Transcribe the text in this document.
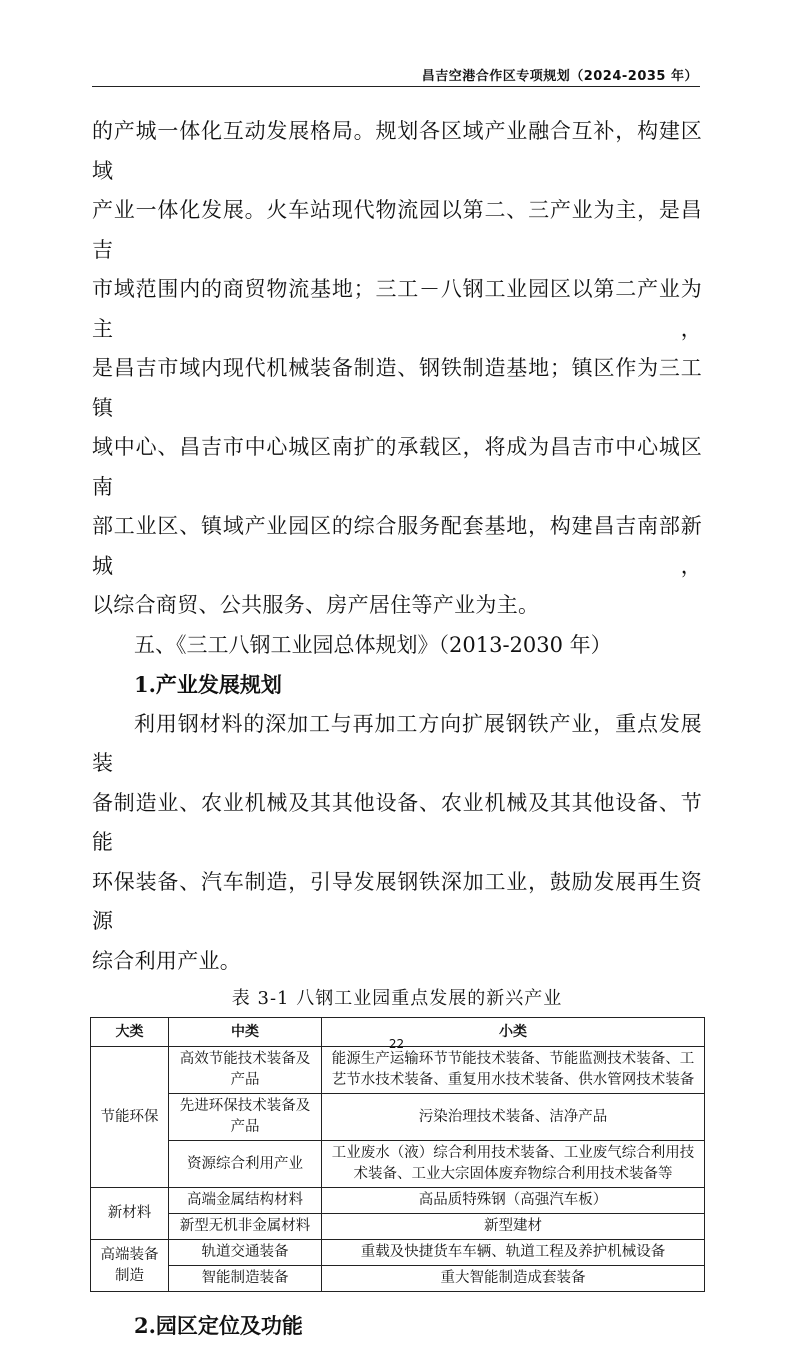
昌吉空港合作区专项规划（2024-2035 年）

的产城一体化互动发展格局。规划各区域产业融合互补，构建区域

产业一体化发展。火车站现代物流园以第二、三产业为主，是昌吉

市域范围内的商贸物流基地；三工－八钢工业园区以第二产业为主，

是昌吉市域内现代机械装备制造、钢铁制造基地；镇区作为三工镇

域中心、昌吉市中心城区南扩的承载区，将成为昌吉市中心城区南

部工业区、镇域产业园区的综合服务配套基地，构建昌吉南部新城，

以综合商贸、公共服务、房产居住等产业为主。

五、《三工八钢工业园总体规划》（2013-2030 年）

1.产业发展规划

利用钢材料的深加工与再加工方向扩展钢铁产业，重点发展装

备制造业、农业机械及其其他设备、农业机械及其其他设备、节能

环保装备、汽车制造，引导发展钢铁深加工业，鼓励发展再生资源

综合利用产业。

表 3-1 八钢工业园重点发展的新兴产业
大类	中类	小类
节能环保	高效节能技术装备及产品	能源生产运输环节节能技术装备、节能监测技术装备、工艺节水技术装备、重复用水技术装备、供水管网技术装备
	先进环保技术装备及产品	污染治理技术装备、洁净产品
	资源综合利用产业	工业废水（液）综合利用技术装备、工业废气综合利用技术装备、工业大宗固体废弃物综合利用技术装备等
新材料	高端金属结构材料	高品质特殊钢（高强汽车板）
	新型无机非金属材料	新型建材
高端装备制造	轨道交通装备	重载及快捷货车车辆、轨道工程及养护机械设备
	智能制造装备	重大智能制造成套装备

2.园区定位及功能

22
